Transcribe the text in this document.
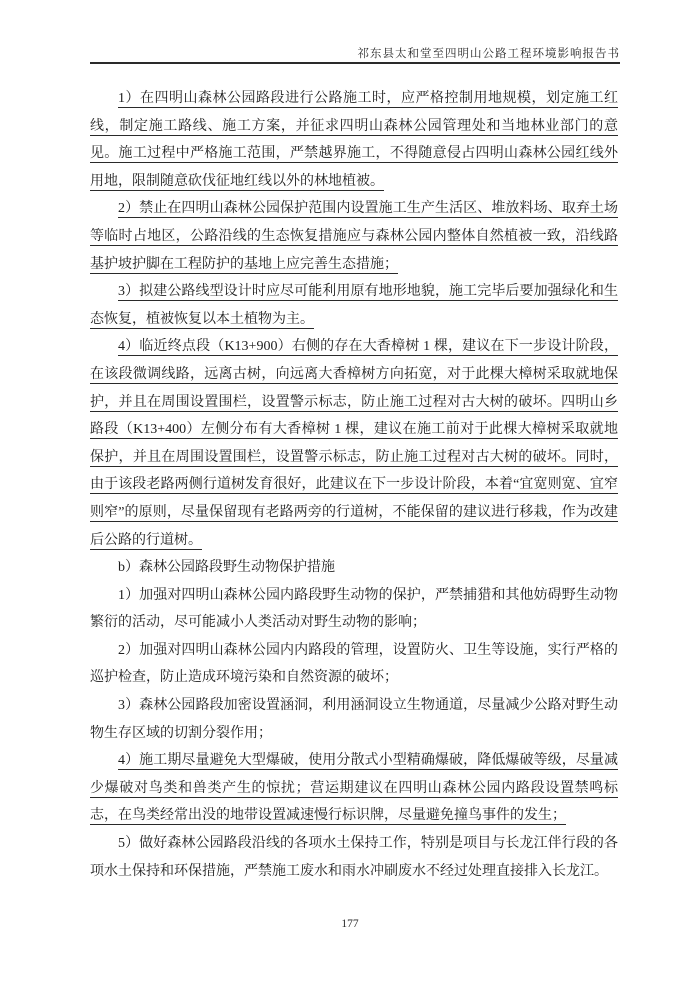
祁东县太和堂至四明山公路工程环境影响报告书

1）在四明山森林公园路段进行公路施工时，应严格控制用地规模，划定施工红线，制定施工路线、施工方案，并征求四明山森林公园管理处和当地林业部门的意见。施工过程中严格施工范围，严禁越界施工，不得随意侵占四明山森林公园红线外用地，限制随意砍伐征地红线以外的林地植被。

2）禁止在四明山森林公园保护范围内设置施工生产生活区、堆放料场、取弃土场等临时占地区，公路沿线的生态恢复措施应与森林公园内整体自然植被一致，沿线路基护坡护脚在工程防护的基地上应完善生态措施；

3）拟建公路线型设计时应尽可能利用原有地形地貌，施工完毕后要加强绿化和生态恢复，植被恢复以本土植物为主。

4）临近终点段（K13+900）右侧的存在大香樟树 1 棵，建议在下一步设计阶段，在该段微调线路，远离古树，向远离大香樟树方向拓宽，对于此棵大樟树采取就地保护，并且在周围设置围栏，设置警示标志，防止施工过程对古大树的破坏。四明山乡路段（K13+400）左侧分布有大香樟树 1 棵，建议在施工前对于此棵大樟树采取就地保护，并且在周围设置围栏，设置警示标志，防止施工过程对古大树的破坏。同时，由于该段老路两侧行道树发育很好，此建议在下一步设计阶段，本着“宜宽则宽、宜窄则窄”的原则，尽量保留现有老路两旁的行道树，不能保留的建议进行移栽，作为改建后公路的行道树。

b）森林公园路段野生动物保护措施

1）加强对四明山森林公园内路段野生动物的保护，严禁捕猎和其他妨碍野生动物繁衍的活动，尽可能减小人类活动对野生动物的影响；

2）加强对四明山森林公园内内路段的管理，设置防火、卫生等设施，实行严格的巡护检查，防止造成环境污染和自然资源的破坏；

3）森林公园路段加密设置涵洞，利用涵洞设立生物通道，尽量减少公路对野生动物生存区域的切割分裂作用；

4）施工期尽量避免大型爆破，使用分散式小型精确爆破，降低爆破等级，尽量减少爆破对鸟类和兽类产生的惊扰；营运期建议在四明山森林公园内路段设置禁鸣标志，在鸟类经常出没的地带设置减速慢行标识牌，尽量避免撞鸟事件的发生；

5）做好森林公园路段沿线的各项水土保持工作，特别是项目与长龙江伴行段的各项水土保持和环保措施，严禁施工废水和雨水冲刷废水不经过处理直接排入长龙江。

177
